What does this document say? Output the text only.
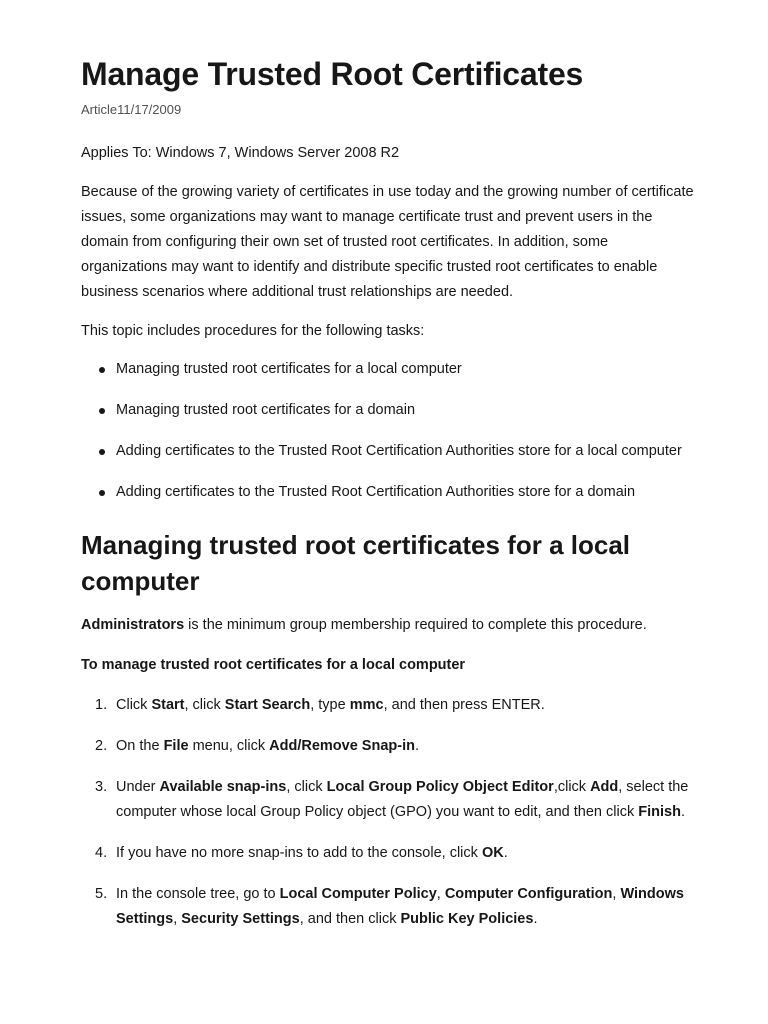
Manage Trusted Root Certificates
Article11/17/2009

Applies To: Windows 7, Windows Server 2008 R2

Because of the growing variety of certificates in use today and the growing number of certificate issues, some organizations may want to manage certificate trust and prevent users in the domain from configuring their own set of trusted root certificates. In addition, some organizations may want to identify and distribute specific trusted root certificates to enable business scenarios where additional trust relationships are needed.

This topic includes procedures for the following tasks:

Managing trusted root certificates for a local computer
Managing trusted root certificates for a domain
Adding certificates to the Trusted Root Certification Authorities store for a local computer
Adding certificates to the Trusted Root Certification Authorities store for a domain
Managing trusted root certificates for a local computer

Administrators is the minimum group membership required to complete this procedure.

To manage trusted root certificates for a local computer

1. Click Start, click Start Search, type mmc, and then press ENTER.
2. On the File menu, click Add/Remove Snap-in.
3. Under Available snap-ins, click Local Group Policy Object Editor,click Add, select the computer whose local Group Policy object (GPO) you want to edit, and then click Finish.
4. If you have no more snap-ins to add to the console, click OK.
5. In the console tree, go to Local Computer Policy, Computer Configuration, Windows Settings, Security Settings, and then click Public Key Policies.
